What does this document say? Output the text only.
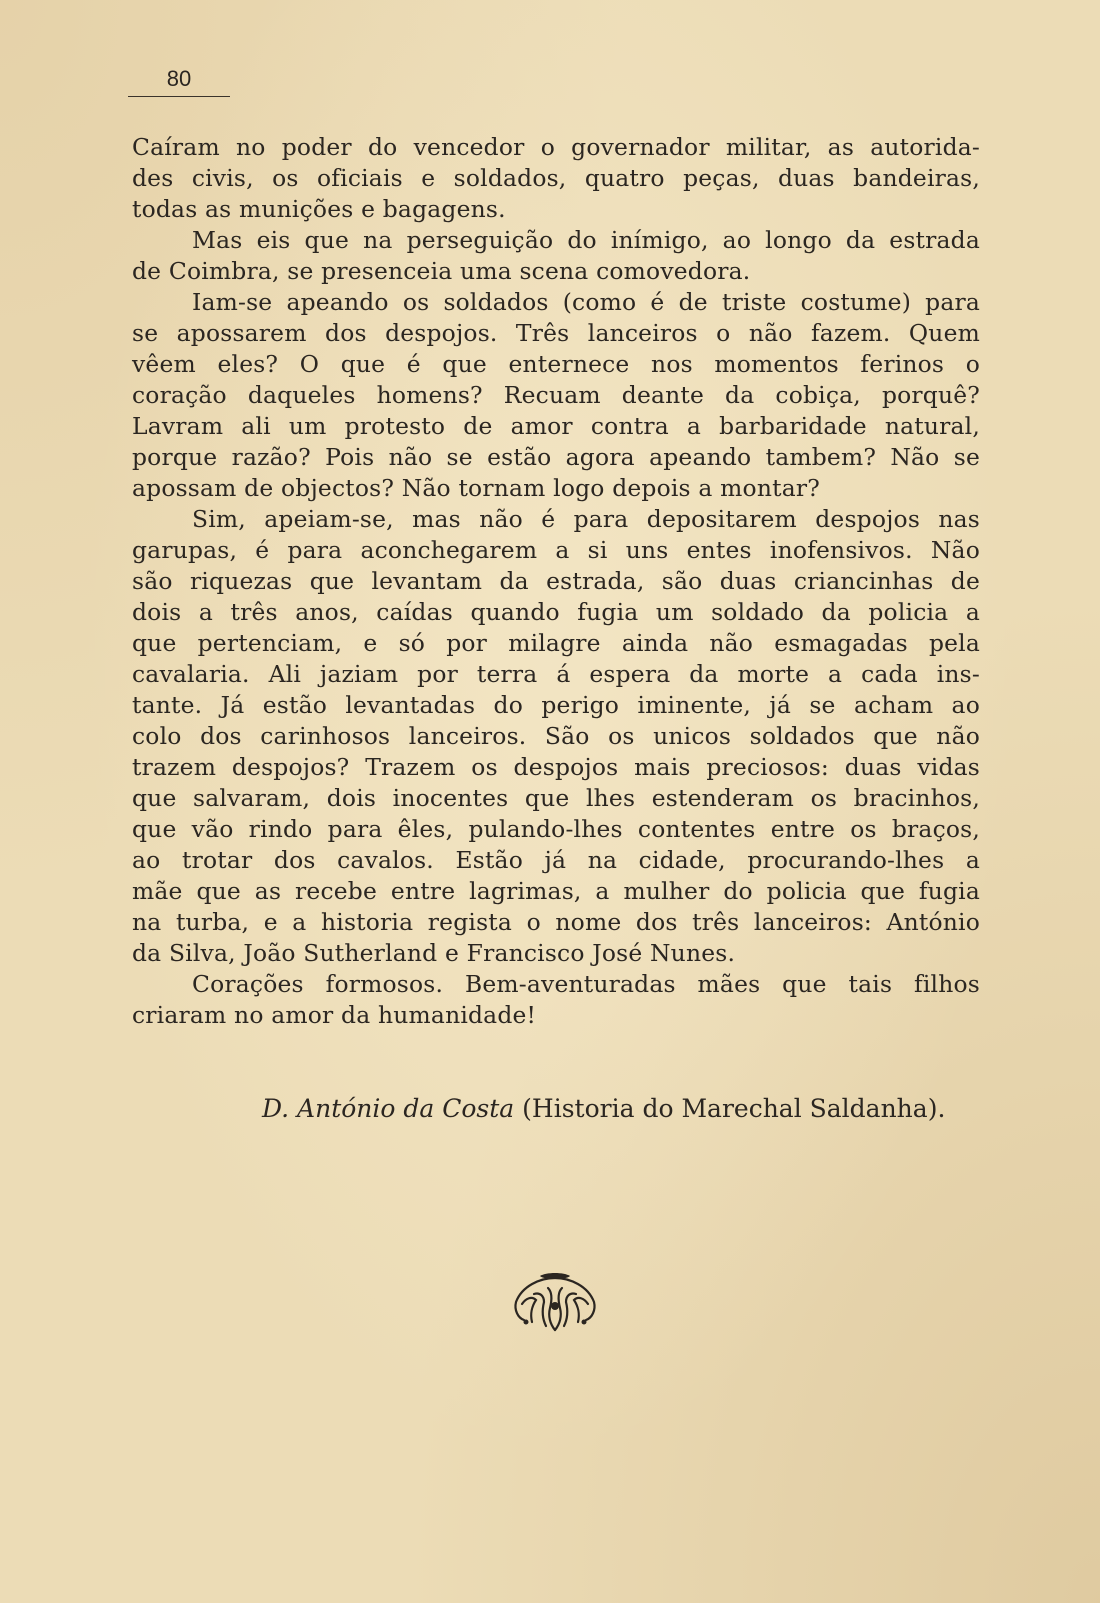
80
Caíram no poder do vencedor o governador militar, as autorida-
des civis, os oficiais e soldados, quatro peças, duas bandeiras,
todas as munições e bagagens.
Mas eis que na perseguição do inímigo, ao longo da estrada
de Coimbra, se presenceia uma scena comovedora.
Iam-se apeando os soldados (como é de triste costume) para
se apossarem dos despojos. Três lanceiros o não fazem. Quem
vêem eles? O que é que enternece nos momentos ferinos o
coração daqueles homens? Recuam deante da cobiça, porquê?
Lavram ali um protesto de amor contra a barbaridade natural,
porque razão? Pois não se estão agora apeando tambem? Não se
apossam de objectos? Não tornam logo depois a montar?
Sim, apeiam-se, mas não é para depositarem despojos nas
garupas, é para aconchegarem a si uns entes inofensivos. Não
são riquezas que levantam da estrada, são duas criancinhas de
dois a três anos, caídas quando fugia um soldado da policia a
que pertenciam, e só por milagre ainda não esmagadas pela
cavalaria. Ali jaziam por terra á espera da morte a cada ins-
tante. Já estão levantadas do perigo iminente, já se acham ao
colo dos carinhosos lanceiros. São os unicos soldados que não
trazem despojos? Trazem os despojos mais preciosos: duas vidas
que salvaram, dois inocentes que lhes estenderam os bracinhos,
que vão rindo para êles, pulando-lhes contentes entre os braços,
ao trotar dos cavalos. Estão já na cidade, procurando-lhes a
mãe que as recebe entre lagrimas, a mulher do policia que fugia
na turba, e a historia regista o nome dos três lanceiros: António
da Silva, João Sutherland e Francisco José Nunes.
Corações formosos. Bem-aventuradas mães que tais filhos
criaram no amor da humanidade!
D. António da Costa (Historia do Marechal Saldanha).
